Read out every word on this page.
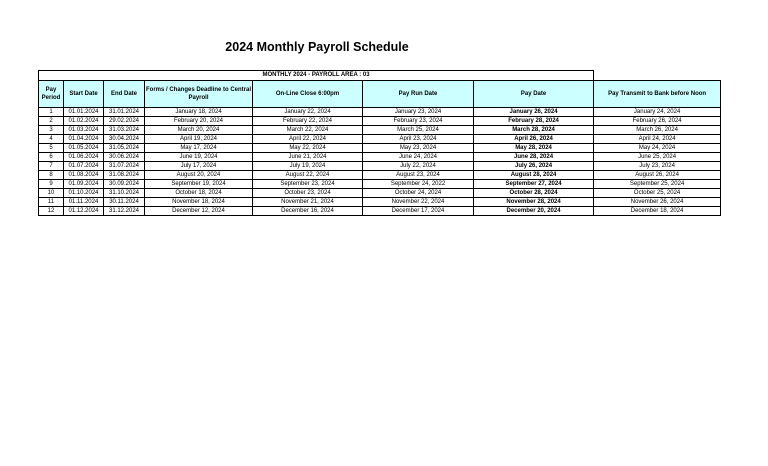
2024 Monthly Payroll Schedule
MONTHLY 2024 - PAYROLL AREA : 03							
Pay Period	Start Date	End Date	Forms / Changes Deadline to Central Payroll	On-Line Close 6:00pm	Pay Run Date	Pay Date	Pay Transmit to Bank before Noon
1	01.01.2024	31.01.2024	January 18, 2024	January 22, 2024	January 23, 2024	January 26, 2024	January 24, 2024
2	01.02.2024	29.02.2024	February 20, 2024	February 22, 2024	February 23, 2024	February 28, 2024	February 26, 2024
3	01.03.2024	31.03.2024	March 20, 2024	March 22, 2024	March 25, 2024	March 28, 2024	March 26, 2024
4	01.04.2024	30.04.2024	April 19, 2024	April 22, 2024	April 23, 2024	April 26, 2024	April 24, 2024
5	01.05.2024	31.05.2024	May 17, 2024	May 22, 2024	May 23, 2024	May 28, 2024	May 24, 2024
6	01.06.2024	30.06.2024	June 19, 2024	June 21, 2024	June 24, 2024	June 28, 2024	June 25, 2024
7	01.07.2024	31.07.2024	July 17, 2024	July 19, 2024	July 22, 2024	July 26, 2024	July 23, 2024
8	01.08.2024	31.08.2024	August 20, 2024	August 22, 2024	August 23, 2024	August 28, 2024	August 26, 2024
9	01.09.2024	30.09.2024	September 19, 2024	September 23, 2024	September 24, 2022	September 27, 2024	September 25, 2024
10	01.10.2024	31.10.2024	October 18, 2024	October 23, 2024	October 24, 2024	October 28, 2024	October 25, 2024
11	01.11.2024	30.11.2024	November 18, 2024	November 21, 2024	November 22, 2024	November 28, 2024	November 26, 2024
12	01.12.2024	31.12.2024	December 12, 2024	December 16, 2024	December 17, 2024	December 20, 2024	December 18, 2024
